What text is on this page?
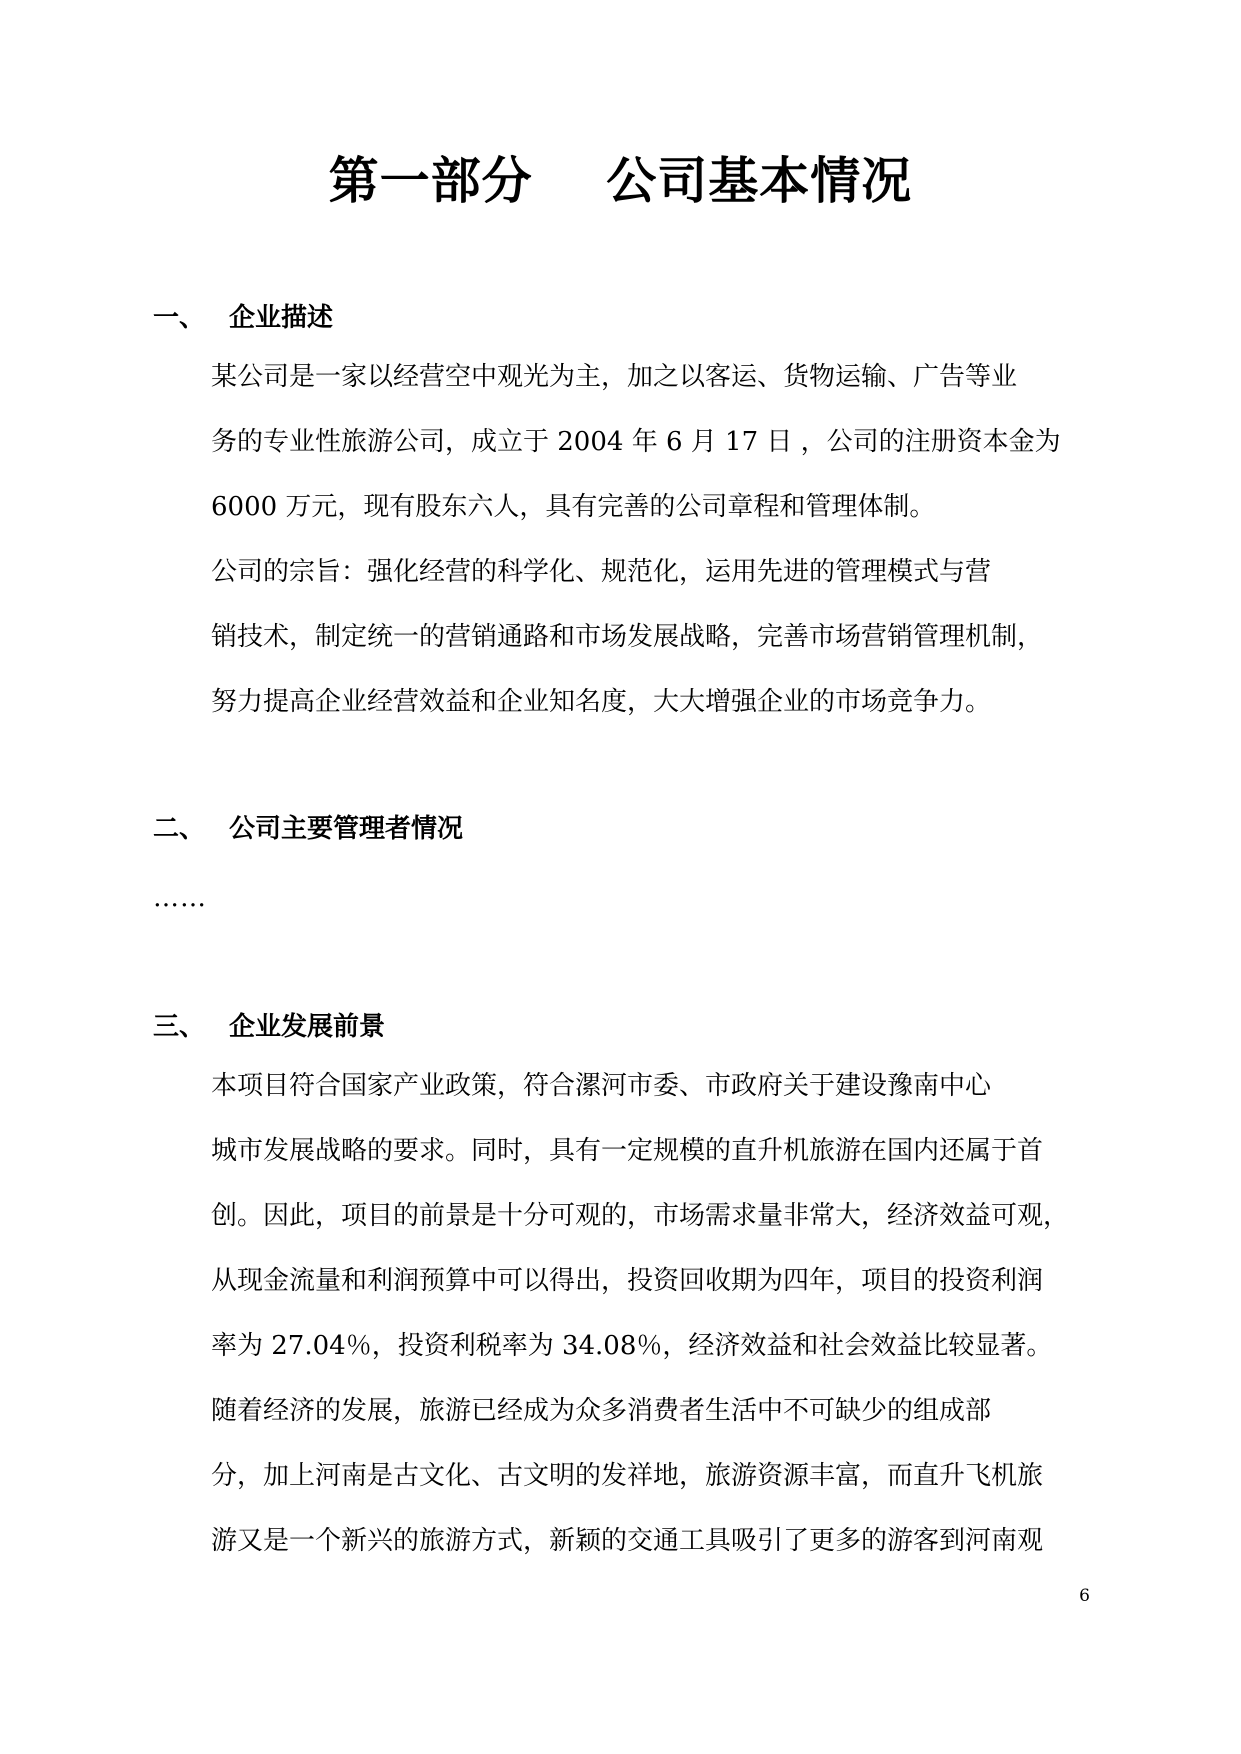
第一部分    公司基本情况
一、 企业描述

某公司是一家以经营空中观光为主，加之以客运、货物运输、广告等业
务的专业性旅游公司，成立于 2004 年 6 月 17 日 ，公司的注册资本金为
6000 万元，现有股东六人，具有完善的公司章程和管理体制。

公司的宗旨：强化经营的科学化、规范化，运用先进的管理模式与营
销技术，制定统一的营销通路和市场发展战略，完善市场营销管理机制，
努力提高企业经营效益和企业知名度，大大增强企业的市场竞争力。

二、 公司主要管理者情况
……
三、 企业发展前景

本项目符合国家产业政策，符合漯河市委、市政府关于建设豫南中心
城市发展战略的要求。同时，具有一定规模的直升机旅游在国内还属于首
创。因此，项目的前景是十分可观的，市场需求量非常大，经济效益可观，
从现金流量和利润预算中可以得出，投资回收期为四年，项目的投资利润
率为 27.04％，投资利税率为 34.08％，经济效益和社会效益比较显著。

随着经济的发展，旅游已经成为众多消费者生活中不可缺少的组成部
分，加上河南是古文化、古文明的发祥地，旅游资源丰富，而直升飞机旅
游又是一个新兴的旅游方式，新颖的交通工具吸引了更多的游客到河南观

6
